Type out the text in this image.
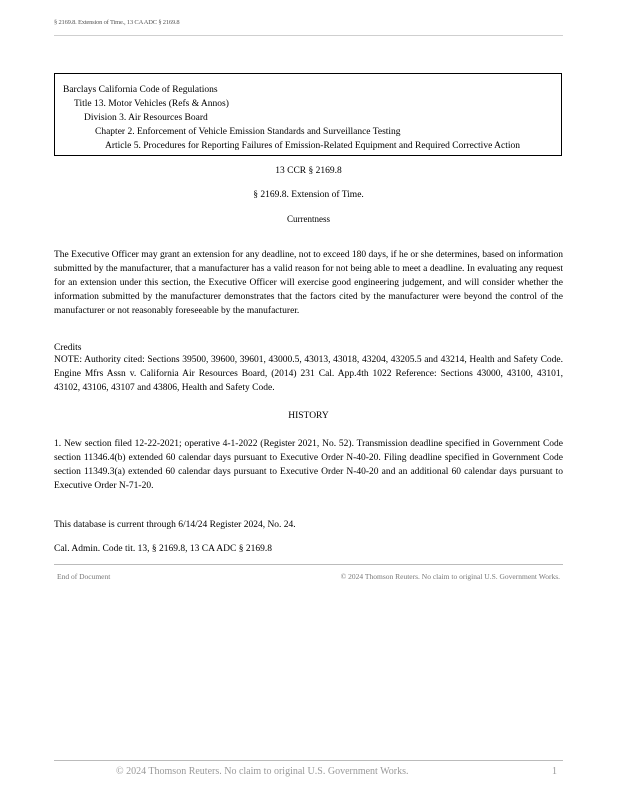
§ 2169.8. Extension of Time., 13 CA ADC § 2169.8
Barclays California Code of Regulations
Title 13. Motor Vehicles (Refs & Annos)
Division 3. Air Resources Board
Chapter 2. Enforcement of Vehicle Emission Standards and Surveillance Testing
Article 5. Procedures for Reporting Failures of Emission-Related Equipment and Required Corrective Action
13 CCR § 2169.8
§ 2169.8. Extension of Time.
Currentness
The Executive Officer may grant an extension for any deadline, not to exceed 180 days, if he or she determines, based on information submitted by the manufacturer, that a manufacturer has a valid reason for not being able to meet a deadline. In evaluating any request for an extension under this section, the Executive Officer will exercise good engineering judgement, and will consider whether the information submitted by the manufacturer demonstrates that the factors cited by the manufacturer were beyond the control of the manufacturer or not reasonably foreseeable by the manufacturer.
Credits
NOTE: Authority cited: Sections 39500, 39600, 39601, 43000.5, 43013, 43018, 43204, 43205.5 and 43214, Health and Safety Code. Engine Mfrs Assn v. California Air Resources Board, (2014) 231 Cal. App.4th 1022 Reference: Sections 43000, 43100, 43101, 43102, 43106, 43107 and 43806, Health and Safety Code.
HISTORY
1. New section filed 12-22-2021; operative 4-1-2022 (Register 2021, No. 52). Transmission deadline specified in Government Code section 11346.4(b) extended 60 calendar days pursuant to Executive Order N-40-20. Filing deadline specified in Government Code section 11349.3(a) extended 60 calendar days pursuant to Executive Order N-40-20 and an additional 60 calendar days pursuant to Executive Order N-71-20.
This database is current through 6/14/24 Register 2024, No. 24.
Cal. Admin. Code tit. 13, § 2169.8, 13 CA ADC § 2169.8
End of Document	© 2024 Thomson Reuters. No claim to original U.S. Government Works.
© 2024 Thomson Reuters. No claim to original U.S. Government Works.	1
